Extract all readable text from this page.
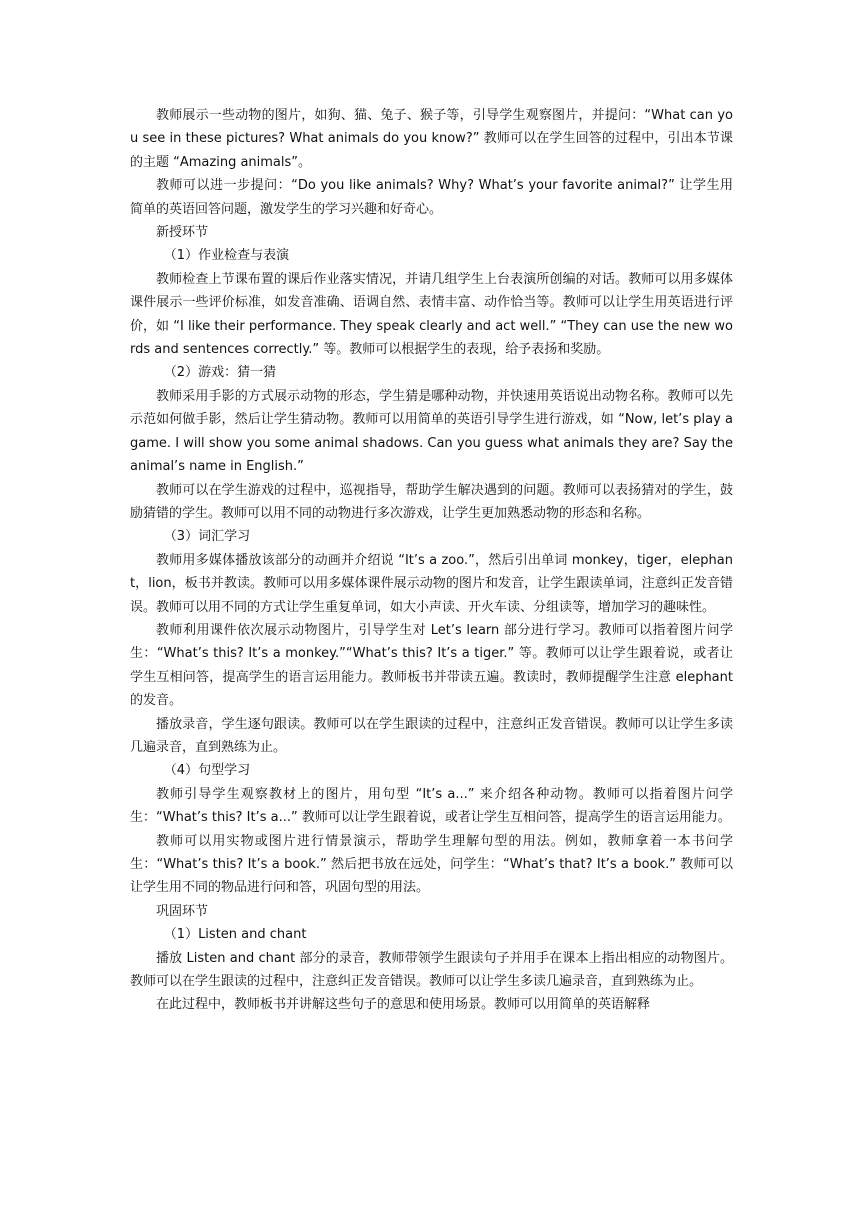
教师展示一些动物的图片，如狗、猫、兔子、猴子等，引导学生观察图片，并提问：“What can you see in these pictures? What animals do you know?” 教师可以在学生回答的过程中，引出本节课的主题 “Amazing animals”。

教师可以进一步提问：“Do you like animals? Why? What’s your favorite animal?” 让学生用简单的英语回答问题，激发学生的学习兴趣和好奇心。

新授环节

（1）作业检查与表演

教师检查上节课布置的课后作业落实情况，并请几组学生上台表演所创编的对话。教师可以用多媒体课件展示一些评价标准，如发音准确、语调自然、表情丰富、动作恰当等。教师可以让学生用英语进行评价，如 “I like their performance. They speak clearly and act well.” “They can use the new words and sentences correctly.” 等。教师可以根据学生的表现，给予表扬和奖励。

（2）游戏：猜一猜

教师采用手影的方式展示动物的形态，学生猜是哪种动物，并快速用英语说出动物名称。教师可以先示范如何做手影，然后让学生猜动物。教师可以用简单的英语引导学生进行游戏，如 “Now, let’s play a game. I will show you some animal shadows. Can you guess what animals they are? Say the animal’s name in English.”

教师可以在学生游戏的过程中，巡视指导，帮助学生解决遇到的问题。教师可以表扬猜对的学生，鼓励猜错的学生。教师可以用不同的动物进行多次游戏，让学生更加熟悉动物的形态和名称。

（3）词汇学习

教师用多媒体播放该部分的动画并介绍说 “It’s a zoo.”，然后引出单词 monkey，tiger，elephant，lion，板书并教读。教师可以用多媒体课件展示动物的图片和发音，让学生跟读单词，注意纠正发音错误。教师可以用不同的方式让学生重复单词，如大小声读、开火车读、分组读等，增加学习的趣味性。

教师利用课件依次展示动物图片，引导学生对 Let’s learn 部分进行学习。教师可以指着图片问学生：“What’s this? It’s a monkey.”“What’s this? It’s a tiger.” 等。教师可以让学生跟着说，或者让学生互相问答，提高学生的语言运用能力。教师板书并带读五遍。教读时，教师提醒学生注意 elephant 的发音。

播放录音，学生逐句跟读。教师可以在学生跟读的过程中，注意纠正发音错误。教师可以让学生多读几遍录音，直到熟练为止。

（4）句型学习

教师引导学生观察教材上的图片，用句型 “It’s a...” 来介绍各种动物。教师可以指着图片问学生：“What’s this? It’s a...” 教师可以让学生跟着说，或者让学生互相问答，提高学生的语言运用能力。

教师可以用实物或图片进行情景演示，帮助学生理解句型的用法。例如，教师拿着一本书问学生：“What’s this? It’s a book.” 然后把书放在远处，问学生：“What’s that? It’s a book.” 教师可以让学生用不同的物品进行问和答，巩固句型的用法。

巩固环节

（1）Listen and chant

播放 Listen and chant 部分的录音，教师带领学生跟读句子并用手在课本上指出相应的动物图片。教师可以在学生跟读的过程中，注意纠正发音错误。教师可以让学生多读几遍录音，直到熟练为止。

在此过程中，教师板书并讲解这些句子的意思和使用场景。教师可以用简单的英语解释
